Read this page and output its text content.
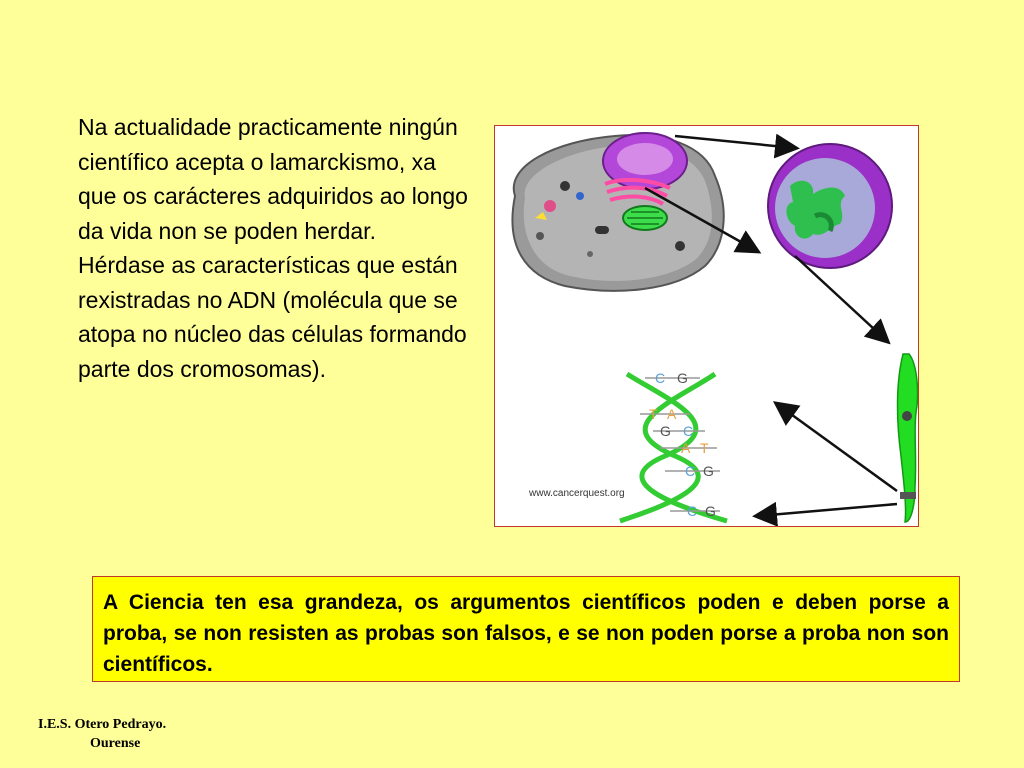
Na actualidade practicamente ningún científico acepta o lamarckismo, xa que os carácteres adquiridos ao longo da vida non se poden herdar. Hérdase as características que están rexistradas no ADN (molécula que se atopa no núcleo das células formando parte dos cromosomas).	C G
T A
G C
A T
C G
C G
www.cancerquest.org

A Ciencia ten esa grandeza, os argumentos científicos poden e deben porse a proba, se non resisten as probas son falsos, e se non poden porse a proba non son científicos.

I.E.S. Otero Pedrayo.
Ourense
